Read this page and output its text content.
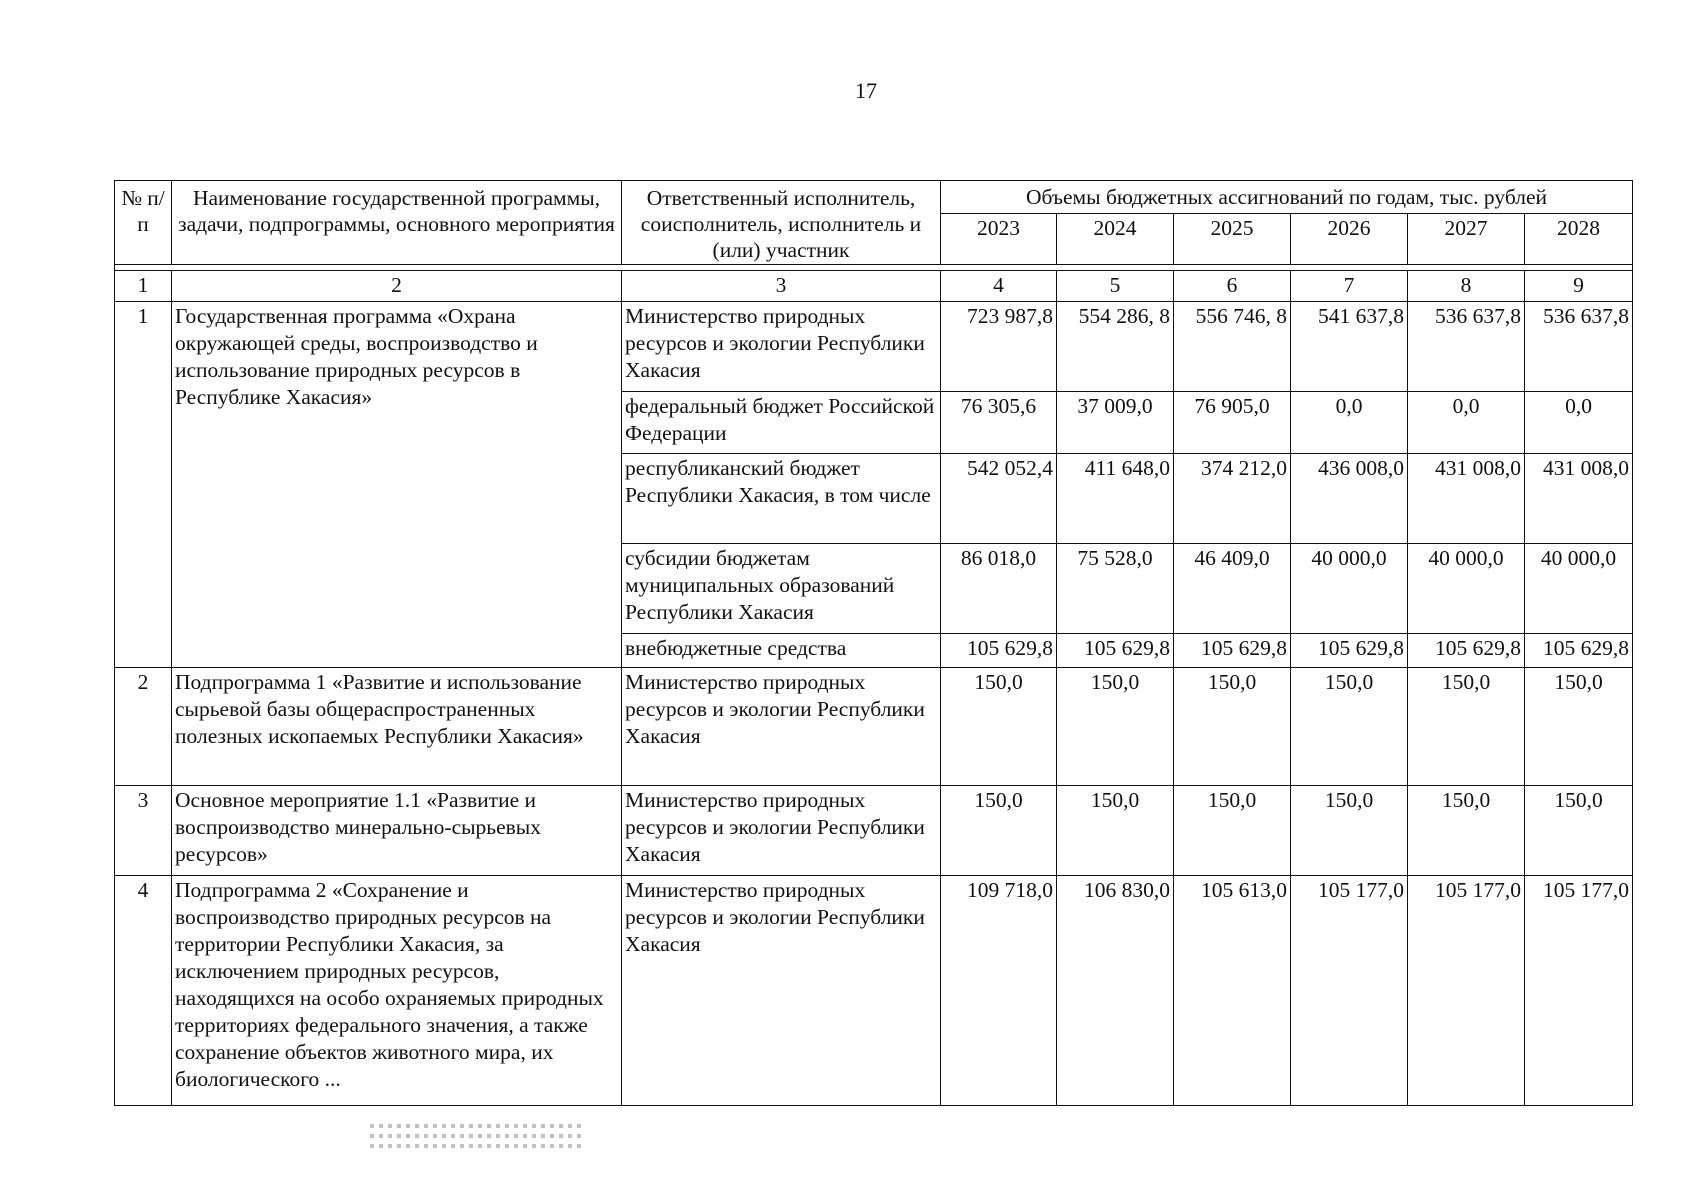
17
№ п/п	Наименование государственной программы, задачи, подпрограммы, основного мероприятия	Ответственный исполнитель, соисполнитель, исполнитель и (или) участник	Объемы бюджетных ассигнований по годам, тыс. рублей					
			2023	2024	2025	2026	2027	2028

1	2	3	4	5	6	7	8	9
1	Государственная программа «Охрана окружающей среды, воспроизводство и использование природных ресурсов в Республике Хакасия»	Министерство природных ресурсов и экологии Республики Хакасия	723 987,8	554 286, 8	556 746, 8	541 637,8	536 637,8	536 637,8
		федеральный бюджет Российской Федерации	76 305,6	37 009,0	76 905,0	0,0	0,0	0,0
		республиканский бюджет Республики Хакасия, в том числе	542 052,4	411 648,0	374 212,0	436 008,0	431 008,0	431 008,0
		субсидии бюджетам муниципальных образований Республики Хакасия	86 018,0	75 528,0	46 409,0	40 000,0	40 000,0	40 000,0
		внебюджетные средства	105 629,8	105 629,8	105 629,8	105 629,8	105 629,8	105 629,8
2	Подпрограмма 1 «Развитие и использование сырьевой базы общераспространенных полезных ископаемых Республики Хакасия»	Министерство природных ресурсов и экологии Республики Хакасия	150,0	150,0	150,0	150,0	150,0	150,0
3	Основное мероприятие 1.1 «Развитие и воспроизводство минерально-сырьевых ресурсов»	Министерство природных ресурсов и экологии Республики Хакасия	150,0	150,0	150,0	150,0	150,0	150,0
4	Подпрограмма 2 «Сохранение и воспроизводство природных ресурсов на территории Республики Хакасия, за исключением природных ресурсов, находящихся на особо охраняемых природных территориях федерального значения, а также сохранение объектов животного мира, их биологического ...	Министерство природных ресурсов и экологии Республики Хакасия	109 718,0	106 830,0	105 613,0	105 177,0	105 177,0	105 177,0
